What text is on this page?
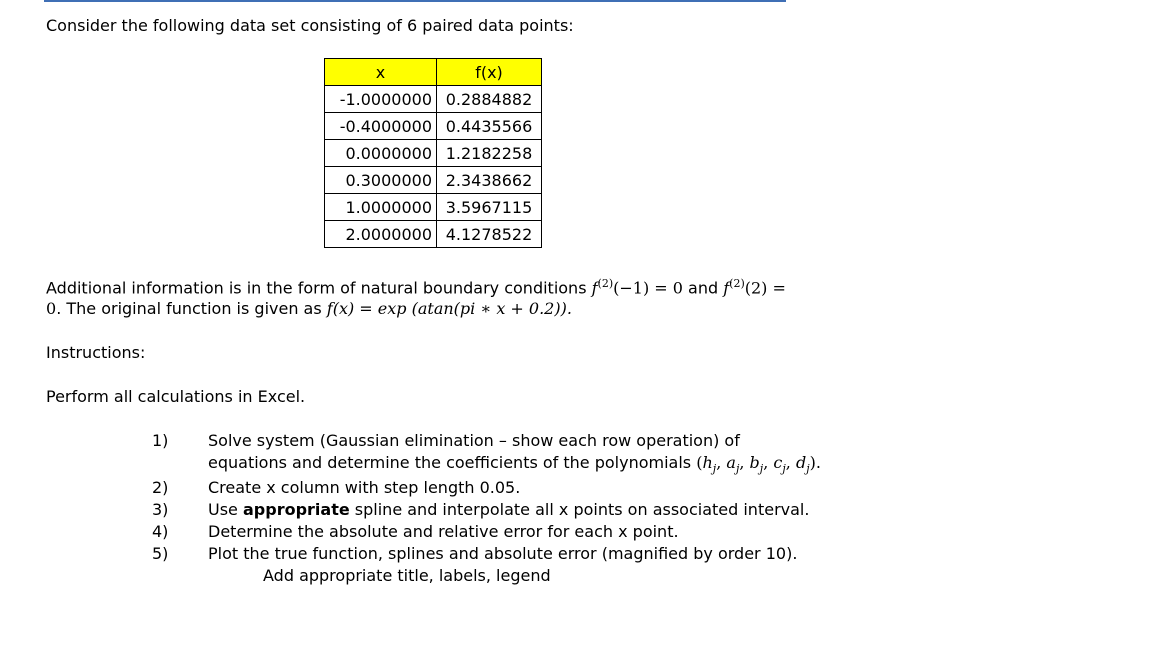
Consider the following data set consisting of 6 paired data points:
x	f(x)
-1.0000000	0.2884882
-0.4000000	0.4435566
0.0000000	1.2182258
0.3000000	2.3438662
1.0000000	3.5967115
2.0000000	4.1278522
Additional information is in the form of natural boundary conditions $f^{(2)}(-1) = 0$ and $f^{(2)}(2)$ =
0. The original function is given as f(x) = exp (atan(pi ∗ x + 0.2)).
Instructions:
Perform all calculations in Excel.
1) Solve system (Gaussian elimination – show each row operation) of
equations and determine the coefficients of the polynomials ($h_j$, $a_j$, $b_j$, $c_j$, $d_j$).
2) Create x column with step length 0.05.
3) Use appropriate spline and interpolate all x points on associated interval.
4) Determine the absolute and relative error for each x point.
5) Plot the true function, splines and absolute error (magnified by order 10).
Add appropriate title, labels, legend
